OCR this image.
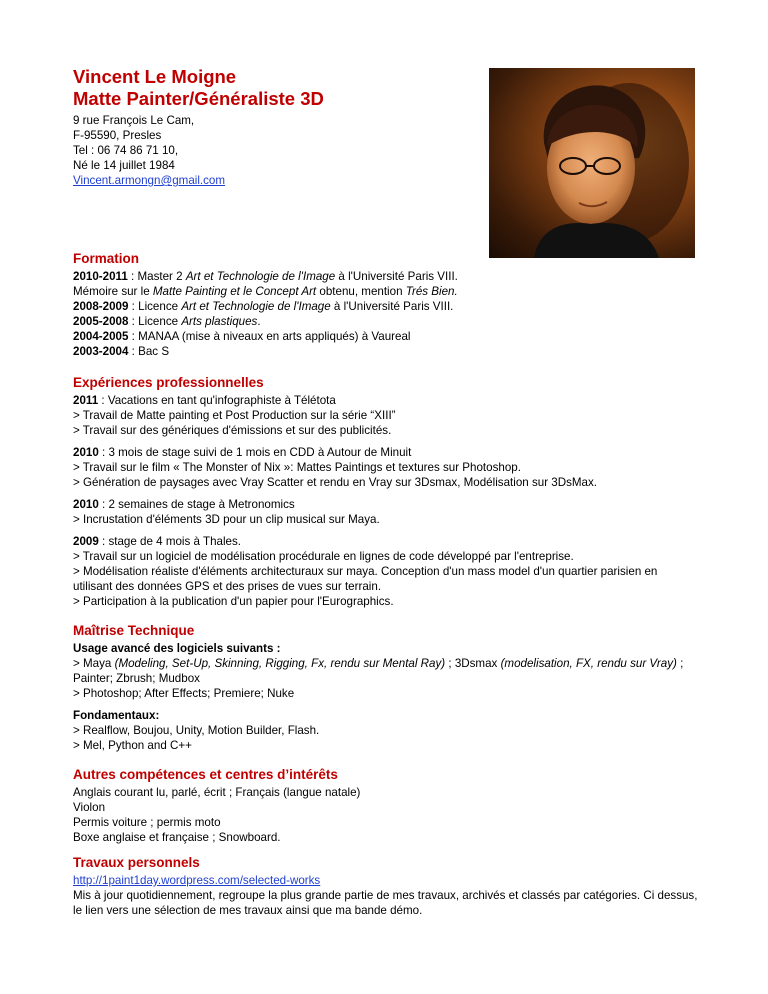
Vincent Le Moigne
Matte Painter/Généraliste 3D
9 rue François Le Cam,
F-95590, Presles
Tel : 06 74 86 71 10,
Né le 14 juillet 1984
Vincent.armongn@gmail.com
Formation
2010-2011 : Master 2 Art et Technologie de l'Image à l'Université Paris VIII.
Mémoire sur le Matte Painting et le Concept Art obtenu, mention Trés Bien.
2008-2009 : Licence Art et Technologie de l'Image à l'Université Paris VIII.
2005-2008 : Licence Arts plastiques.
2004-2005 : MANAA (mise à niveaux en arts appliqués) à Vaureal
2003-2004 : Bac S
Expériences professionnelles
2011 : Vacations en tant qu'infographiste à Télétota
> Travail de Matte painting et Post Production sur la série “XIII”
> Travail sur des génériques d'émissions et sur des publicités.
2010 : 3 mois de stage suivi de 1 mois en CDD à Autour de Minuit
> Travail sur le film « The Monster of Nix »: Mattes Paintings et textures sur Photoshop.
> Génération de paysages avec Vray Scatter et rendu en Vray sur 3Dsmax, Modélisation sur 3DsMax.
2010 : 2 semaines de stage à Metronomics
> Incrustation d'éléments 3D pour un clip musical sur Maya.
2009 : stage de 4 mois à Thales.
> Travail sur un logiciel de modélisation procédurale en lignes de code développé par l'entreprise.
> Modélisation réaliste d'éléments architecturaux sur maya. Conception d'un mass model d'un quartier parisien en utilisant des données GPS et des prises de vues sur terrain.
> Participation à la publication d'un papier pour l'Eurographics.
Maîtrise Technique
Usage avancé des logiciels suivants :
> Maya (Modeling, Set-Up, Skinning, Rigging, Fx, rendu sur Mental Ray) ; 3Dsmax (modelisation, FX, rendu sur Vray) ; Painter; Zbrush; Mudbox
> Photoshop; After Effects; Premiere; Nuke
Fondamentaux:
> Realflow, Boujou, Unity, Motion Builder, Flash.
> Mel, Python and C++
Autres compétences et centres d’intérêts
Anglais courant lu, parlé, écrit ; Français (langue natale)
Violon
Permis voiture ; permis moto
Boxe anglaise et française ; Snowboard.
Travaux personnels
http://1paint1day.wordpress.com/selected-works
Mis à jour quotidiennement, regroupe la plus grande partie de mes travaux, archivés et classés par catégories. Ci dessus, le lien vers une sélection de mes travaux ainsi que ma bande démo.
